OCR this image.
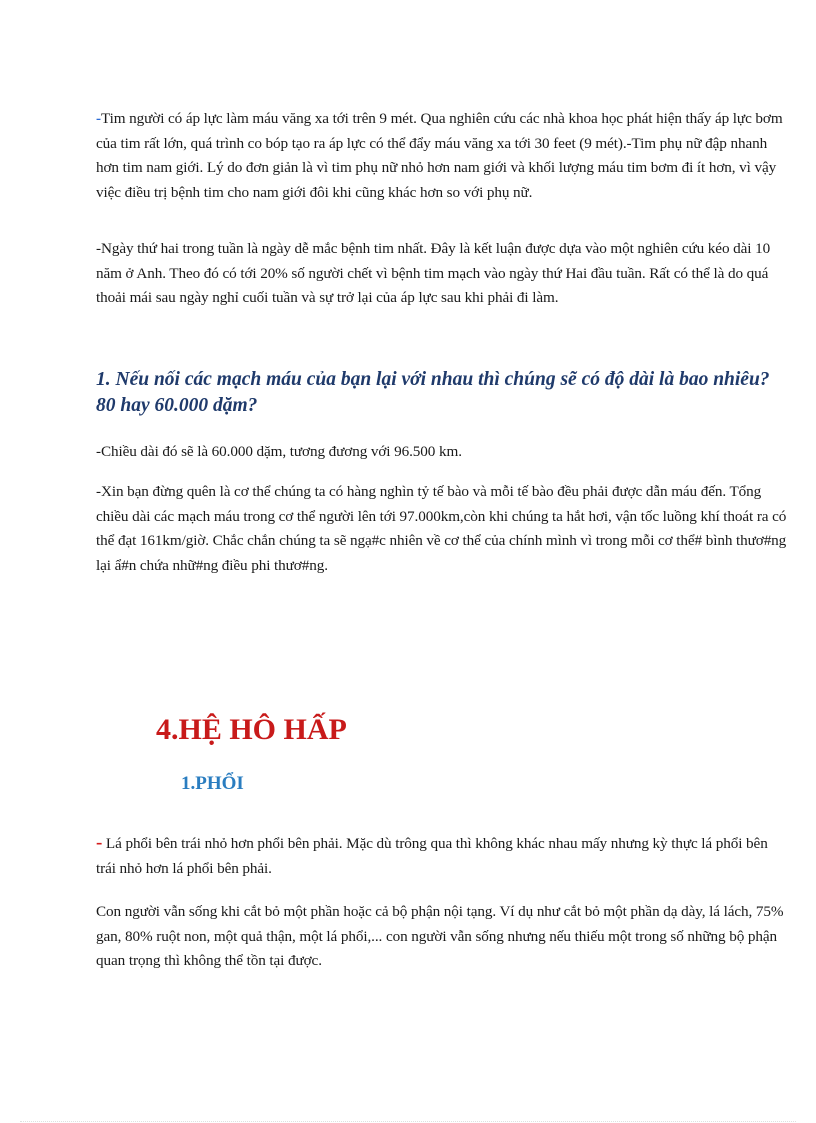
-Tim người có áp lực làm máu văng xa tới trên 9 mét. Qua nghiên cứu các nhà khoa học phát hiện thấy áp lực bơm của tim rất lớn, quá trình co bóp tạo ra áp lực có thể đẩy máu văng xa tới 30 feet (9 mét).-Tim phụ nữ đập nhanh hơn tim nam giới. Lý do đơn giản là vì tim phụ nữ nhỏ hơn nam giới và khối lượng máu tim bơm đi ít hơn, vì vậy việc điều trị bệnh tim cho nam giới đôi khi cũng khác hơn so với phụ nữ.

-Ngày thứ hai trong tuần là ngày dễ mắc bệnh tim nhất. Đây là kết luận được dựa vào một nghiên cứu kéo dài 10 năm ở Anh. Theo đó có tới 20% số người chết vì bệnh tim mạch vào ngày thứ Hai đầu tuần. Rất có thể là do quá thoải mái sau ngày nghỉ cuối tuần và sự trở lại của áp lực sau khi phải đi làm.

1. Nếu nối các mạch máu của bạn lại với nhau thì chúng sẽ có độ dài là bao nhiêu? 80 hay 60.000 dặm?

-Chiều dài đó sẽ là 60.000 dặm, tương đương với 96.500 km.

-Xin bạn đừng quên là cơ thể chúng ta có hàng nghìn tỷ tế bào và mỗi tế bào đều phải được dẫn máu đến. Tổng chiều dài các mạch máu trong cơ thể người lên tới 97.000km,còn khi chúng ta hắt hơi, vận tốc luồng khí thoát ra có thể đạt 161km/giờ. Chắc chắn chúng ta sẽ ngạ#c nhiên về cơ thể của chính mình vì trong mỗi cơ thể# bình thươ#ng lại ẩ#n chứa nhữ#ng điều phi thươ#ng.

4.HỆ HÔ HẤP
1.PHỔI

- Lá phổi bên trái nhỏ hơn phổi bên phải. Mặc dù trông qua thì không khác nhau mấy nhưng kỳ thực lá phổi bên trái nhỏ hơn lá phổi bên phải.

Con người vẫn sống khi cắt bỏ một phần hoặc cả bộ phận nội tạng. Ví dụ như cắt bỏ một phần dạ dày, lá lách, 75% gan, 80% ruột non, một quả thận, một lá phổi,... con người vẫn sống nhưng nếu thiếu một trong số những bộ phận quan trọng thì không thể tồn tại được.
